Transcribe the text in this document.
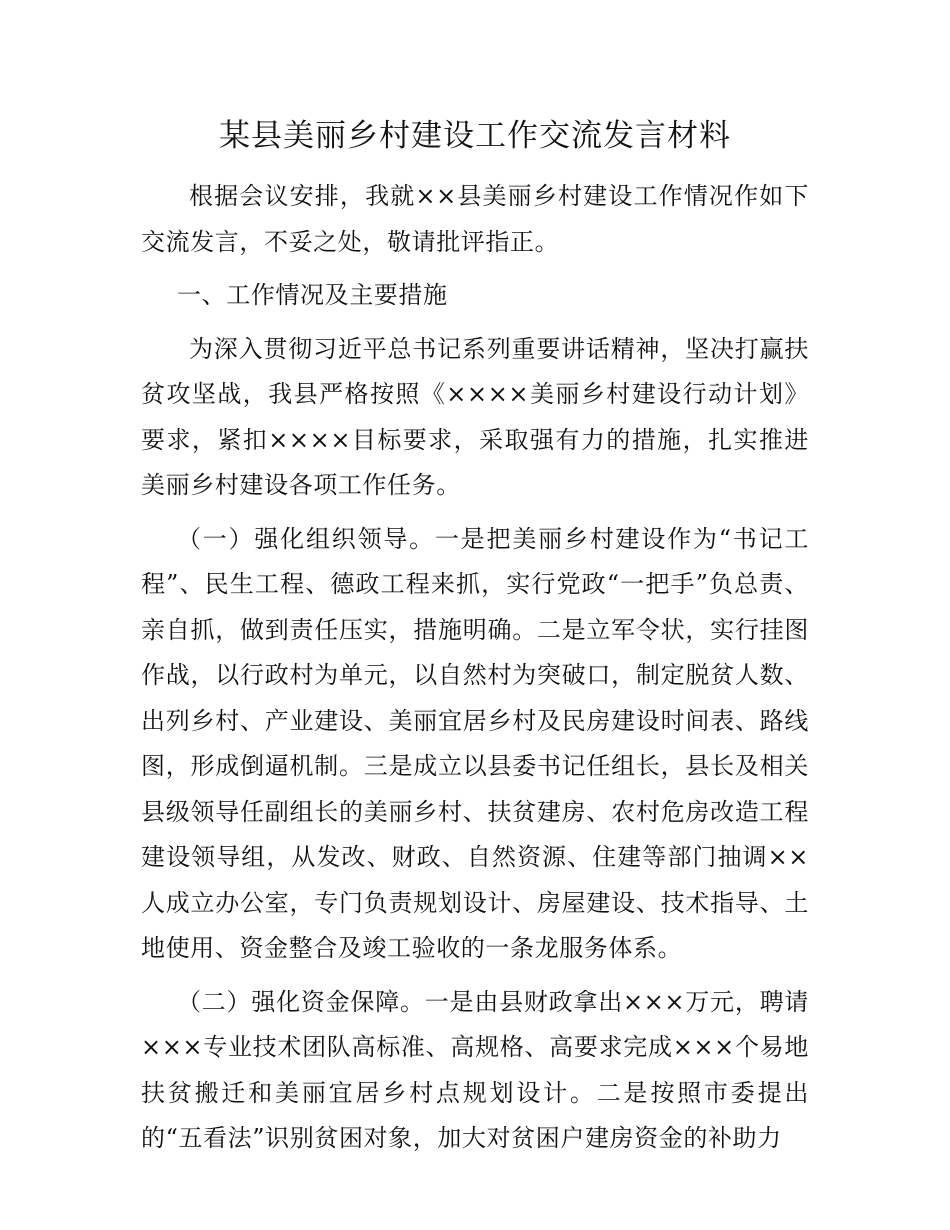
某县美丽乡村建设工作交流发言材料

根据会议安排，我就××县美丽乡村建设工作情况作如下交流发言，不妥之处，敬请批评指正。

一、工作情况及主要措施

为深入贯彻习近平总书记系列重要讲话精神，坚决打赢扶贫攻坚战，我县严格按照《××××美丽乡村建设行动计划》要求，紧扣××××目标要求，采取强有力的措施，扎实推进美丽乡村建设各项工作任务。

（一）强化组织领导。一是把美丽乡村建设作为“书记工程”、民生工程、德政工程来抓，实行党政“一把手”负总责、亲自抓，做到责任压实，措施明确。二是立军令状，实行挂图作战，以行政村为单元，以自然村为突破口，制定脱贫人数、出列乡村、产业建设、美丽宜居乡村及民房建设时间表、路线图，形成倒逼机制。三是成立以县委书记任组长，县长及相关县级领导任副组长的美丽乡村、扶贫建房、农村危房改造工程建设领导组，从发改、财政、自然资源、住建等部门抽调××人成立办公室，专门负责规划设计、房屋建设、技术指导、土地使用、资金整合及竣工验收的一条龙服务体系。

（二）强化资金保障。一是由县财政拿出×××万元，聘请×××专业技术团队高标准、高规格、高要求完成×××个易地扶贫搬迁和美丽宜居乡村点规划设计。二是按照市委提出的“五看法”识别贫困对象，加大对贫困户建房资金的补助力
